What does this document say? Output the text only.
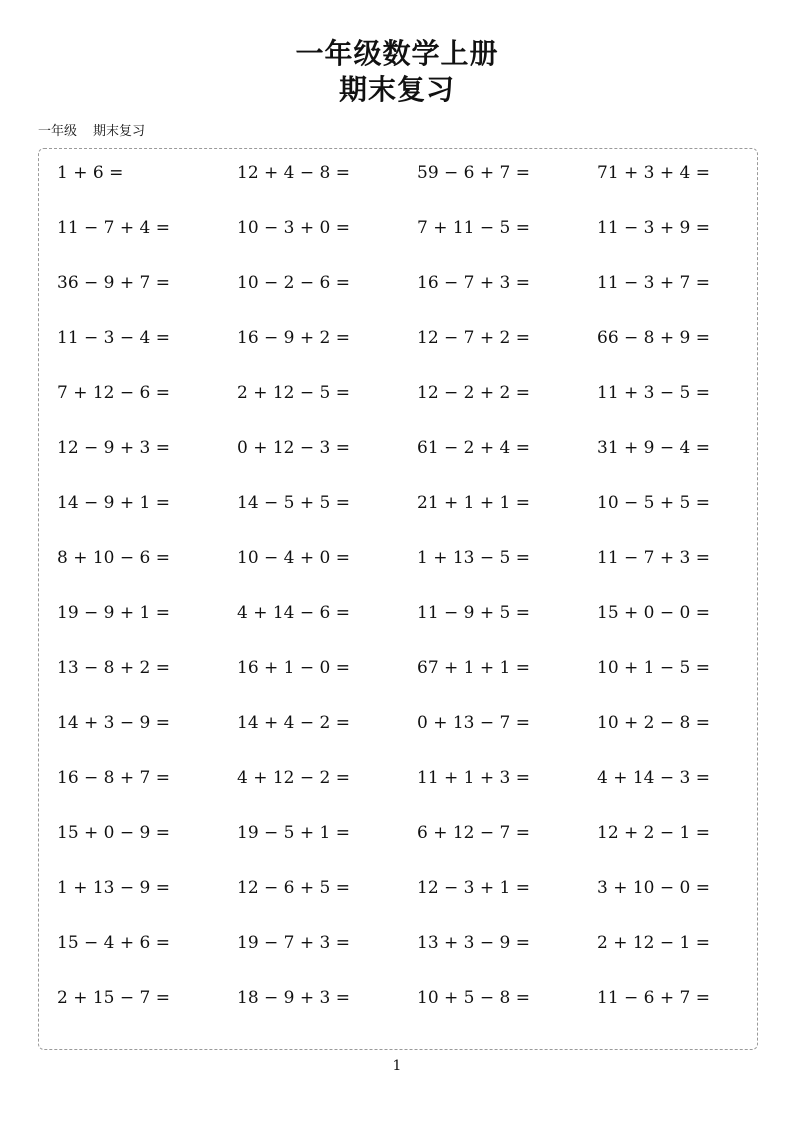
一年级数学上册
期末复习
一年级 期末复习
1 + 6 =	12 + 4 − 8 =	59 − 6 + 7 =	71 + 3 + 4 =
11 − 7 + 4 =	10 − 3 + 0 =	7 + 11 − 5 =	11 − 3 + 9 =
36 − 9 + 7 =	10 − 2 − 6 =	16 − 7 + 3 =	11 − 3 + 7 =
11 − 3 − 4 =	16 − 9 + 2 =	12 − 7 + 2 =	66 − 8 + 9 =
7 + 12 − 6 =	2 + 12 − 5 =	12 − 2 + 2 =	11 + 3 − 5 =
12 − 9 + 3 =	0 + 12 − 3 =	61 − 2 + 4 =	31 + 9 − 4 =
14 − 9 + 1 =	14 − 5 + 5 =	21 + 1 + 1 =	10 − 5 + 5 =
8 + 10 − 6 =	10 − 4 + 0 =	1 + 13 − 5 =	11 − 7 + 3 =
19 − 9 + 1 =	4 + 14 − 6 =	11 − 9 + 5 =	15 + 0 − 0 =
13 − 8 + 2 =	16 + 1 − 0 =	67 + 1 + 1 =	10 + 1 − 5 =
14 + 3 − 9 =	14 + 4 − 2 =	0 + 13 − 7 =	10 + 2 − 8 =
16 − 8 + 7 =	4 + 12 − 2 =	11 + 1 + 3 =	4 + 14 − 3 =
15 + 0 − 9 =	19 − 5 + 1 =	6 + 12 − 7 =	12 + 2 − 1 =
1 + 13 − 9 =	12 − 6 + 5 =	12 − 3 + 1 =	3 + 10 − 0 =
15 − 4 + 6 =	19 − 7 + 3 =	13 + 3 − 9 =	2 + 12 − 1 =
2 + 15 − 7 =	18 − 9 + 3 =	10 + 5 − 8 =	11 − 6 + 7 =
1
